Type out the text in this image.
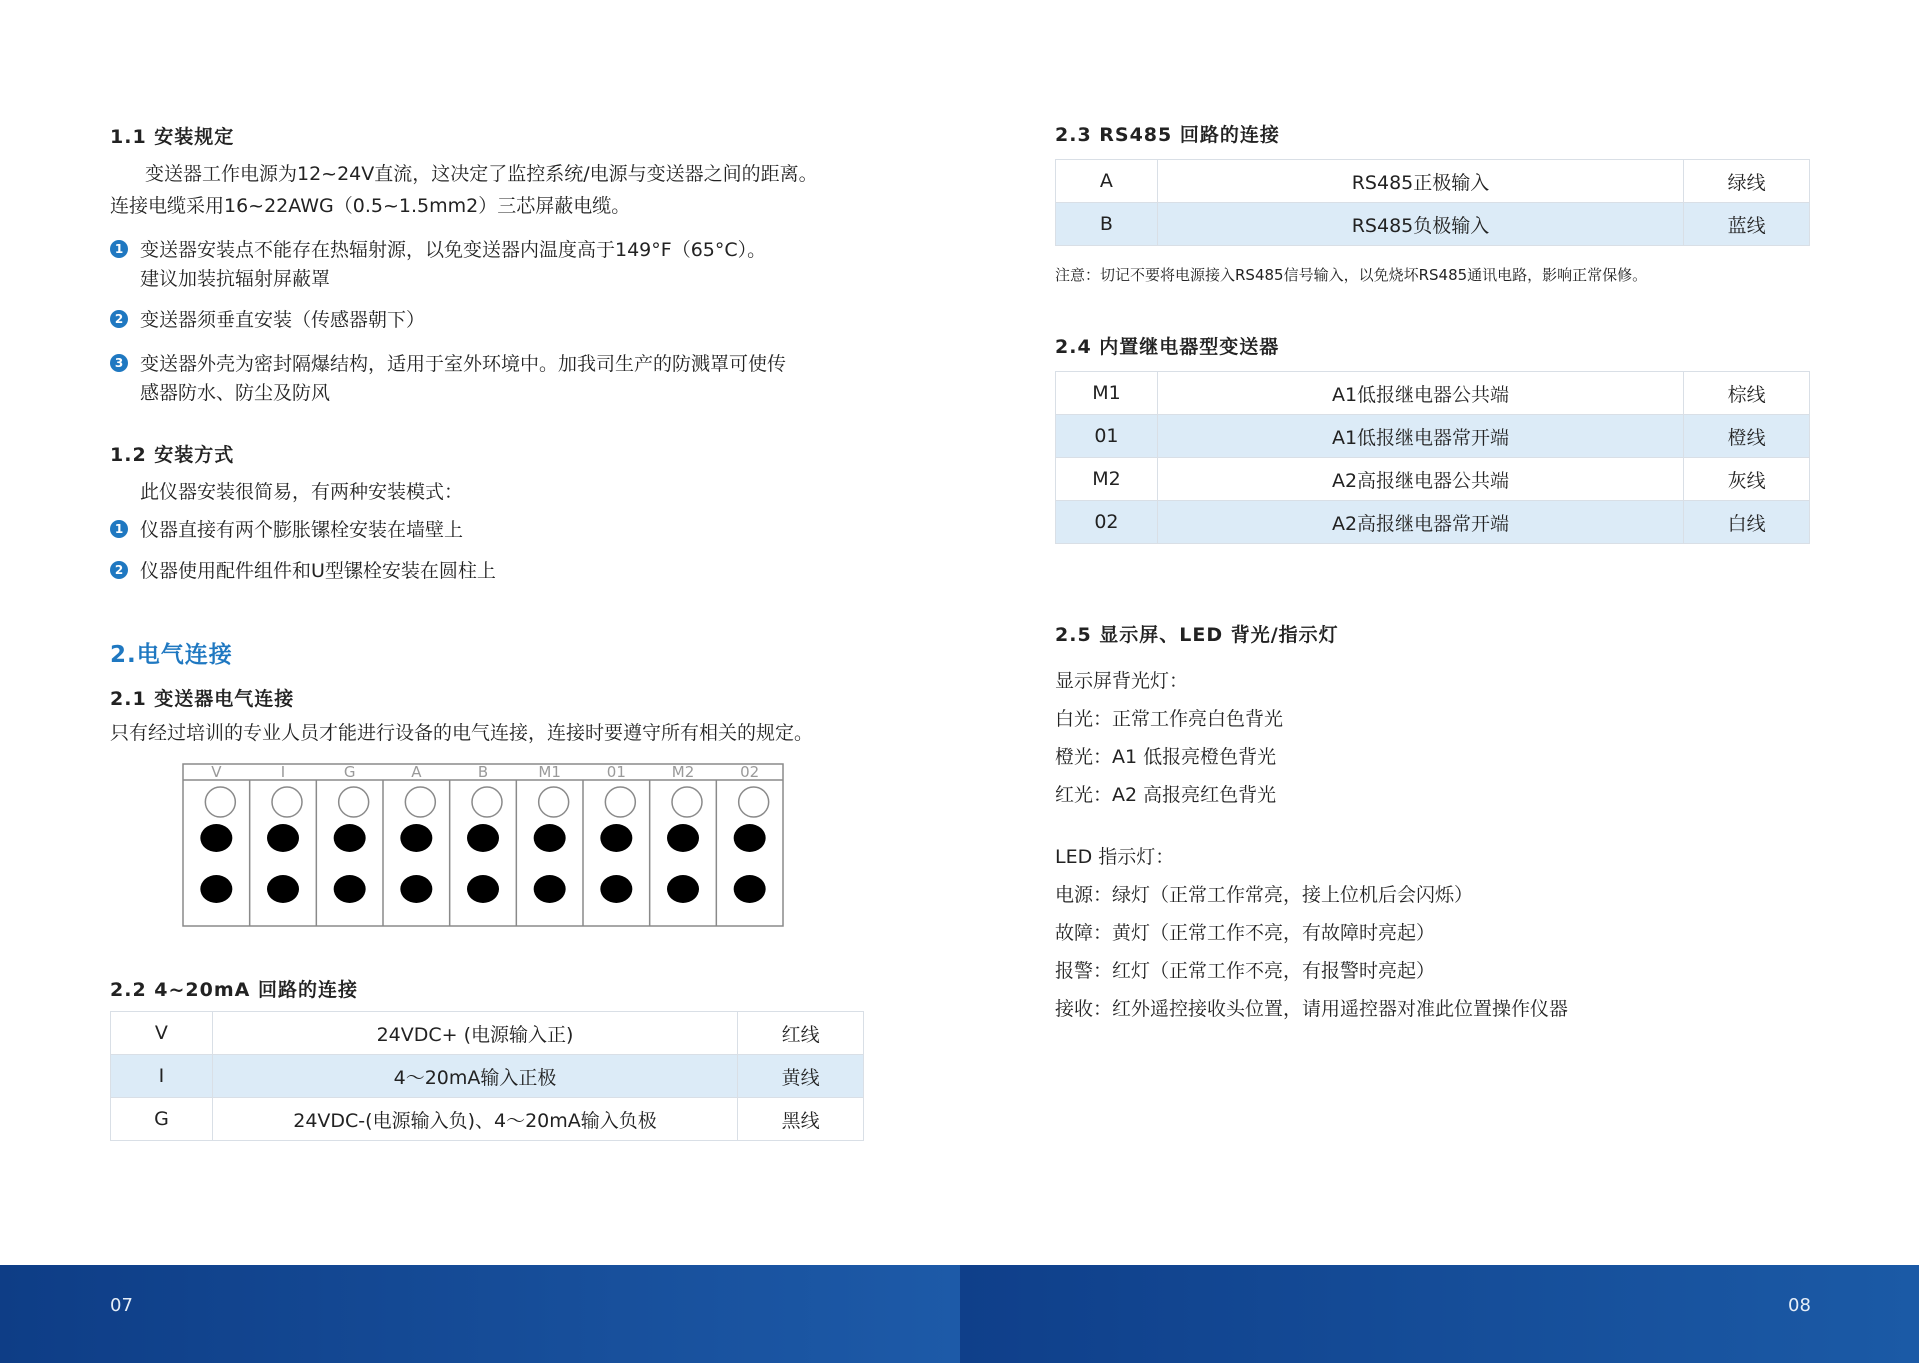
1.1 安装规定

变送器工作电源为12~24V直流，这决定了监控系统/电源与变送器之间的距离。

连接电缆采用16~22AWG（0.5~1.5mm2）三芯屏蔽电缆。

1 变送器安装点不能存在热辐射源，以免变送器内温度高于149°F（65°C）。
建议加装抗辐射屏蔽罩
2 变送器须垂直安装（传感器朝下）
3 变送器外壳为密封隔爆结构，适用于室外环境中。加我司生产的防溅罩可使传
感器防水、防尘及防风
1.2 安装方式

此仪器安装很简易，有两种安装模式：

1 仪器直接有两个膨胀镙栓安装在墙壁上
2 仪器使用配件组件和U型镙栓安装在圆柱上
2.电气连接
2.1 变送器电气连接

只有经过培训的专业人员才能进行设备的电气连接，连接时要遵守所有相关的规定。

V	I	G	A	B	M1	01	M2	02
2.2 4~20mA 回路的连接
V	24VDC+ (电源输入正)	红线
I	4～20mA输入正极	黄线
G	24VDC-(电源输入负)、4～20mA输入负极	黑线
2.3 RS485 回路的连接
A	RS485正极输入	绿线
B	RS485负极输入	蓝线
注意：切记不要将电源接入RS485信号输入，以免烧坏RS485通讯电路，影响正常保修。
2.4 内置继电器型变送器
M1	A1低报继电器公共端	棕线
01	A1低报继电器常开端	橙线
M2	A2高报继电器公共端	灰线
02	A2高报继电器常开端	白线
2.5 显示屏、LED 背光/指示灯
显示屏背光灯：
白光：正常工作亮白色背光
橙光：A1 低报亮橙色背光
红光：A2 高报亮红色背光
LED 指示灯：
电源：绿灯（正常工作常亮，接上位机后会闪烁）
故障：黄灯（正常工作不亮，有故障时亮起）
报警：红灯（正常工作不亮，有报警时亮起）
接收：红外遥控接收头位置，请用遥控器对准此位置操作仪器
07	08
